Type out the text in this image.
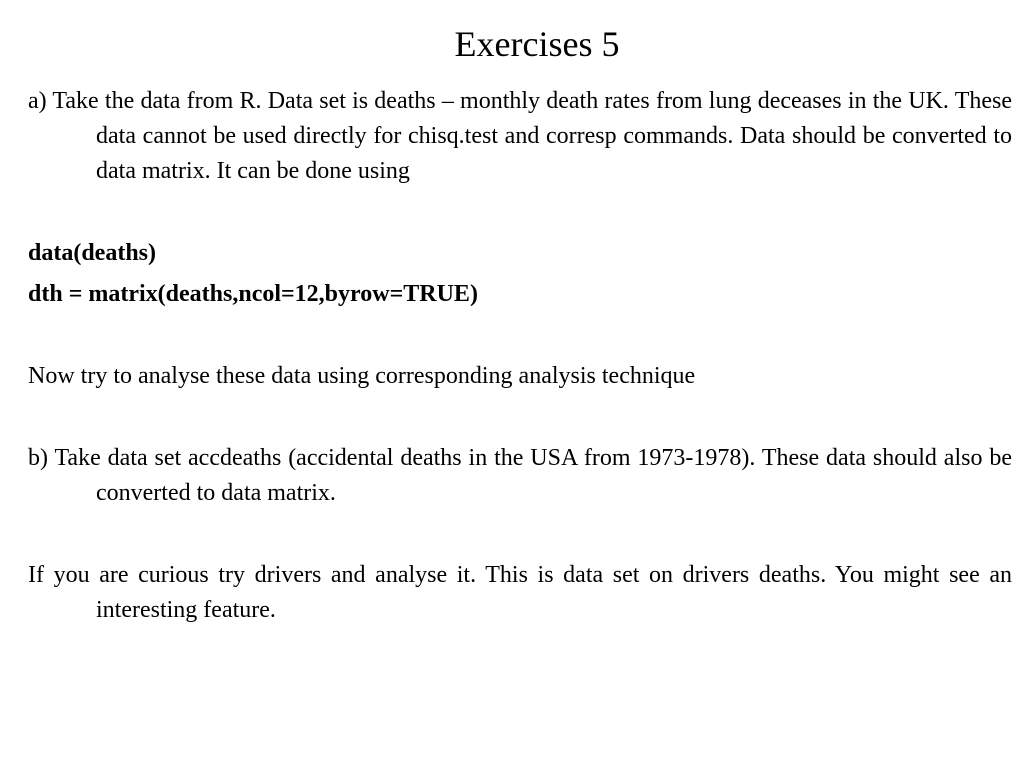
Exercises 5

a) Take the data from R. Data set is deaths – monthly death rates from lung deceases in the UK. These data cannot be used directly for chisq.test and corresp commands. Data should be converted to data matrix. It can be done using

data(deaths)

dth = matrix(deaths,ncol=12,byrow=TRUE)

Now try to analyse these data using corresponding analysis technique

b) Take data set accdeaths (accidental deaths in the USA from 1973-1978). These data should also be converted to data matrix.

If you are curious try drivers and analyse it. This is data set on drivers deaths. You might see an interesting feature.
